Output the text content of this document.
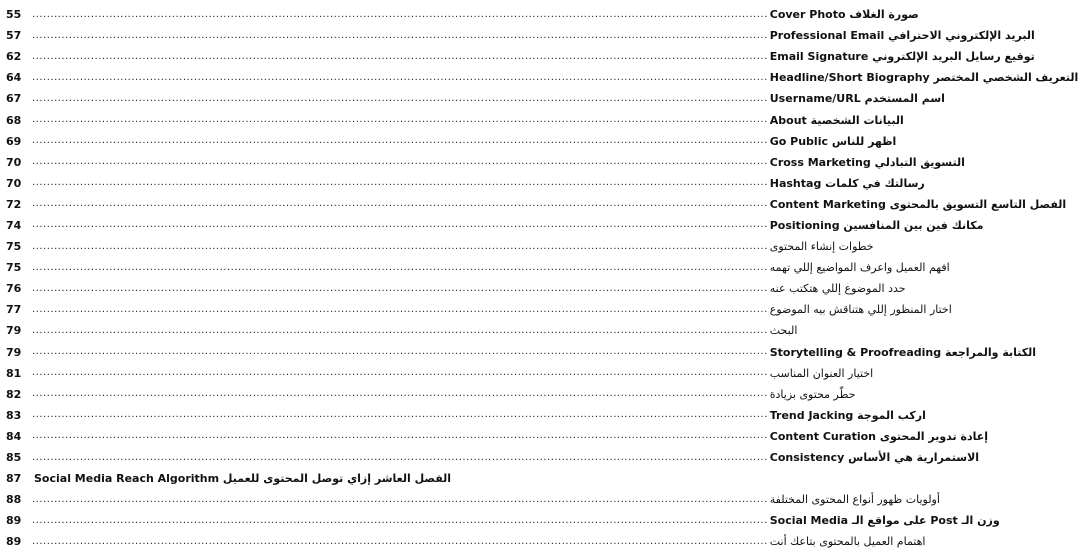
55	........................................................................................................................................................................................................ صورة الغلاف Cover Photo
57	........................................................................................................................................................................................................ البريد الإلكتروني الاحترافي Professional Email
62	........................................................................................................................................................................................................ توقيع رسايل البريد الإلكتروني Email Signature
64	........................................................................................................................................................................................................ التعريف الشخصي المختصر Headline/Short Biography
67	........................................................................................................................................................................................................ اسم المستخدم Username/URL
68	........................................................................................................................................................................................................ البيانات الشخصية About
69	........................................................................................................................................................................................................ اظهر للناس Go Public
70	........................................................................................................................................................................................................ التسويق التبادلي Cross Marketing
70	........................................................................................................................................................................................................ رسالتك في كلمات Hashtag
72	........................................................................................................................................................................................................ الفصل التاسع التسويق بالمحتوى Content Marketing
74	........................................................................................................................................................................................................ مكانك فين بين المنافسين Positioning
75	........................................................................................................................................................................................................ خطوات إنشاء المحتوى
75	........................................................................................................................................................................................................ افهم العميل واعرف المواضيع إللي تهمه
76	........................................................................................................................................................................................................ حدد الموضوع إللي هتكتب عنه
77	........................................................................................................................................................................................................ اختار المنظور إللي هتناقش بيه الموضوع
79	........................................................................................................................................................................................................ البحث
79	........................................................................................................................................................................................................ الكتابة والمراجعة Storytelling & Proofreading
81	........................................................................................................................................................................................................ اختيار العنوان المناسب
82	........................................................................................................................................................................................................ حطّر محتوى بزيادة
83	........................................................................................................................................................................................................ اركب الموجة Trend Jacking
84	........................................................................................................................................................................................................ إعادة تدوير المحتوى Content Curation
85	........................................................................................................................................................................................................ الاستمرارية هي الأساس Consistency
87	الفصل العاشر إزاي توصل المحتوى للعميل Social Media Reach Algorithm
88	........................................................................................................................................................................................................ أولويات ظهور أنواع المحتوى المختلفة
89	........................................................................................................................................................................................................ وزن الـ Post على مواقع الـ Social Media
89	........................................................................................................................................................................................................ اهتمام العميل بالمحتوى بتاعك أنت
